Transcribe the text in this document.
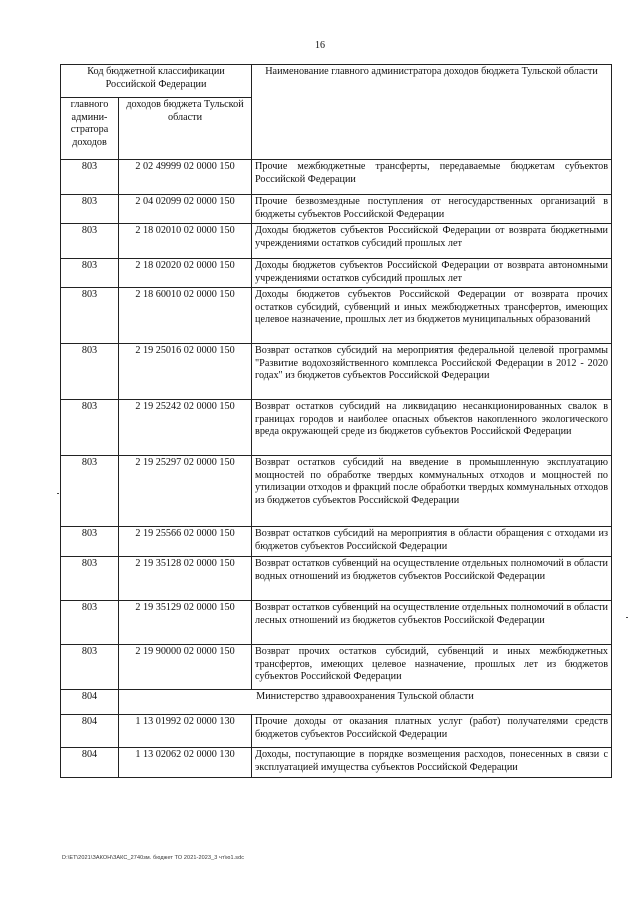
16
Код бюджетной классификации Российской Федерации		Наименование главного администратора доходов бюджета Тульской области
главного админи-стратора доходов	доходов бюджета Тульской области	
803	2 02 49999 02 0000 150	Прочие межбюджетные трансферты, передаваемые бюджетам субъектов Российской Федерации
803	2 04 02099 02 0000 150	Прочие безвозмездные поступления от негосударственных организаций в бюджеты субъектов Российской Федерации
803	2 18 02010 02 0000 150	Доходы бюджетов субъектов Российской Федерации от возврата бюджетными учреждениями остатков субсидий прошлых лет
803	2 18 02020 02 0000 150	Доходы бюджетов субъектов Российской Федерации от возврата автономными учреждениями остатков субсидий прошлых лет
803	2 18 60010 02 0000 150	Доходы бюджетов субъектов Российской Федерации от возврата прочих остатков субсидий, субвенций и иных межбюджетных трансфертов, имеющих целевое назначение, прошлых лет из бюджетов муниципальных образований
803	2 19 25016 02 0000 150	Возврат остатков субсидий на мероприятия федеральной целевой программы "Развитие водохозяйственного комплекса Российской Федерации в 2012 - 2020 годах" из бюджетов субъектов Российской Федерации
803	2 19 25242 02 0000 150	Возврат остатков субсидий на ликвидацию несанкционированных свалок в границах городов и наиболее опасных объектов накопленного экологического вреда окружающей среде из бюджетов субъектов Российской Федерации
803	2 19 25297 02 0000 150	Возврат остатков субсидий на введение в промышленную эксплуатацию мощностей по обработке твердых коммунальных отходов и мощностей по утилизации отходов и фракций после обработки твердых коммунальных отходов из бюджетов субъектов Российской Федерации
803	2 19 25566 02 0000 150	Возврат остатков субсидий на мероприятия в области обращения с отходами из бюджетов субъектов Российской Федерации
803	2 19 35128 02 0000 150	Возврат остатков субвенций на осуществление отдельных полномочий в области водных отношений из бюджетов субъектов Российской Федерации
803	2 19 35129 02 0000 150	Возврат остатков субвенций на осуществление отдельных полномочий в области лесных отношений из бюджетов субъектов Российской Федерации
803	2 19 90000 02 0000 150	Возврат прочих остатков субсидий, субвенций и иных межбюджетных трансфертов, имеющих целевое назначение, прошлых лет из бюджетов субъектов Российской Федерации
804	Министерство здравоохранения Тульской области	
804	1 13 01992 02 0000 130	Прочие доходы от оказания платных услуг (работ) получателями средств бюджетов субъектов Российской Федерации
804	1 13 02062 02 0000 130	Доходы, поступающие в порядке возмещения расходов, понесенных в связи с эксплуатацией имущества субъектов Российской Федерации
D:\ЕТ\2021\ЗАКОН\ЗАКС_2740зм. бюджет ТО 2021-2023_3 чт\ю1.sdc
